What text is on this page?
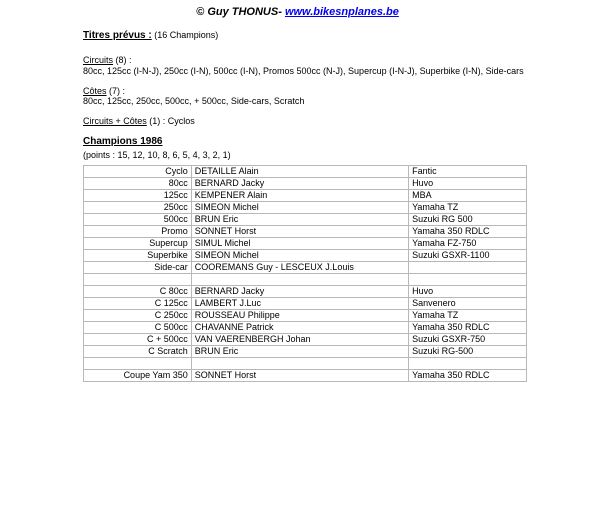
© Guy THONUS- www.bikesnplanes.be
Titres prévus : (16 Champions)
Circuits (8) :
80cc, 125cc (I-N-J), 250cc (I-N), 500cc (I-N), Promos 500cc (N-J), Supercup (I-N-J), Superbike (I-N), Side-cars
Côtes (7) :
80cc, 125cc, 250cc, 500cc, + 500cc, Side-cars, Scratch
Circuits + Côtes (1) : Cyclos
Champions 1986
(points : 15, 12, 10, 8, 6, 5, 4, 3, 2, 1)
Cyclo	DETAILLE Alain	Fantic
80cc	BERNARD Jacky	Huvo
125cc	KEMPENER Alain	MBA
250cc	SIMEON Michel	Yamaha TZ
500cc	BRUN Eric	Suzuki RG 500
Promo	SONNET Horst	Yamaha 350 RDLC
Supercup	SIMUL Michel	Yamaha FZ-750
Superbike	SIMEON Michel	Suzuki GSXR-1100
Side-car	COOREMANS Guy - LESCEUX J.Louis	

C 80cc	BERNARD Jacky	Huvo
C 125cc	LAMBERT J.Luc	Sanvenero
C 250cc	ROUSSEAU Philippe	Yamaha TZ
C 500cc	CHAVANNE Patrick	Yamaha 350 RDLC
C + 500cc	VAN VAERENBERGH Johan	Suzuki GSXR-750
C Scratch	BRUN Eric	Suzuki RG-500

Coupe Yam 350	SONNET Horst	Yamaha 350 RDLC
